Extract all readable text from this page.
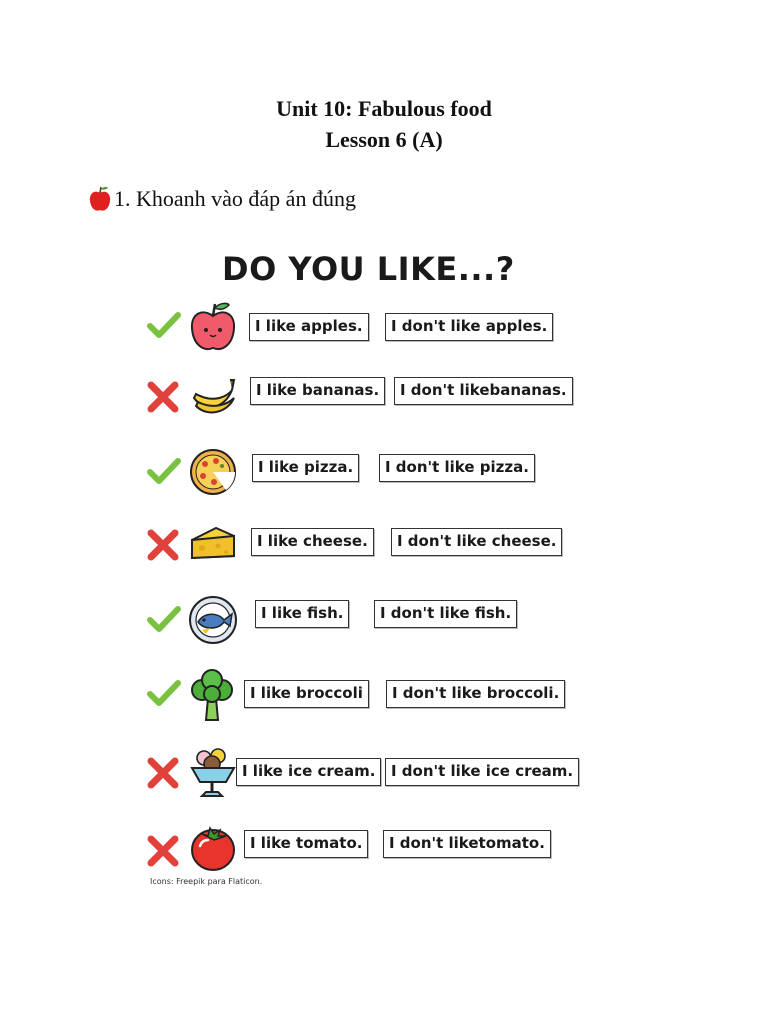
Unit 10: Fabulous food
Lesson 6 (A)
1. Khoanh vào đáp án đúng
DO YOU LIKE...?
I like apples.	I don't like apples.
I like bananas.	I don't likebananas.
I like pizza.	I don't like pizza.
I like cheese.	I don't like cheese.
I like fish.	I don't like fish.
I like broccoli	I don't like broccoli.
I like ice cream.	I don't like ice cream.
I like tomato.	I don't liketomato.
Icons: Freepik para Flaticon.
